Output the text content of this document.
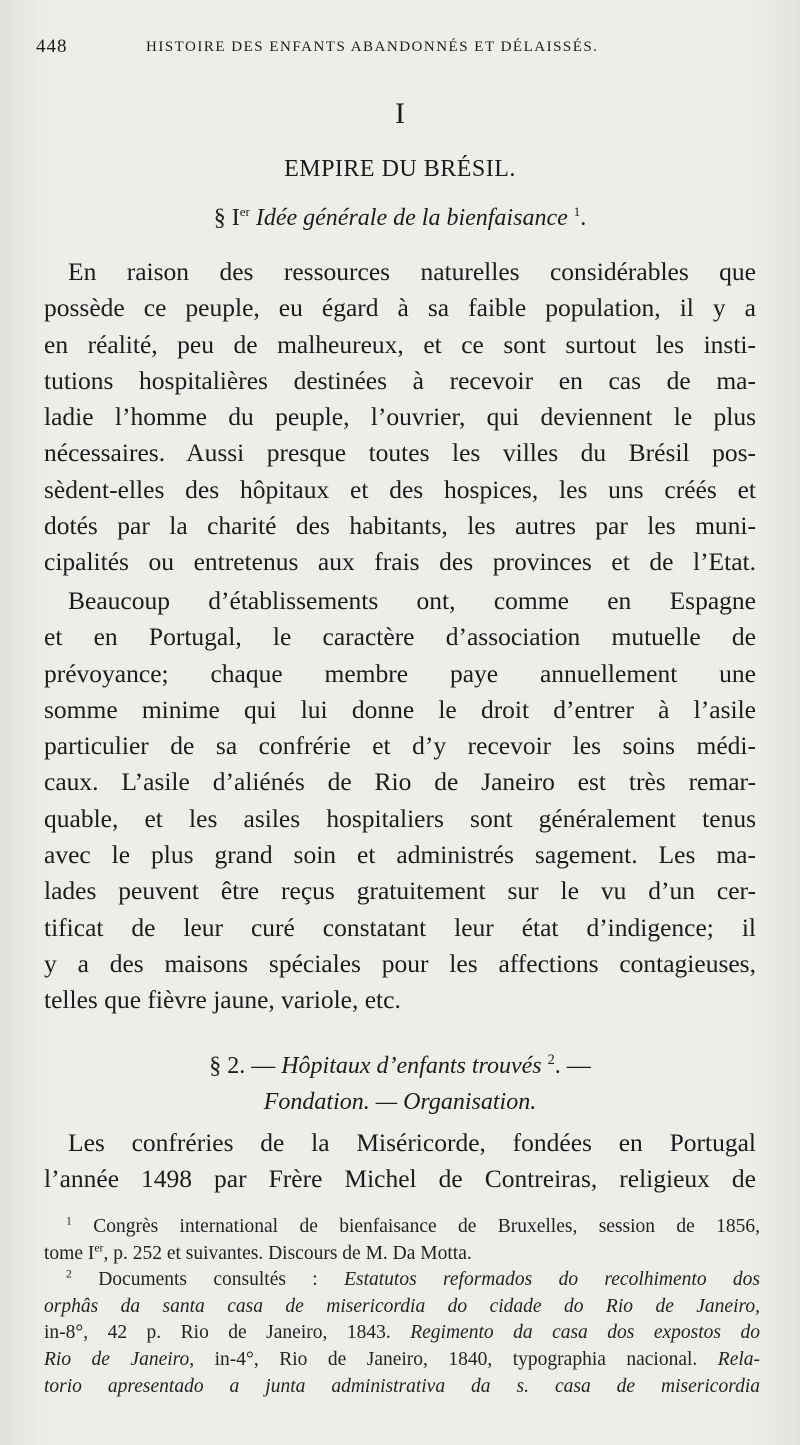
448	HISTOIRE DES ENFANTS ABANDONNÉS ET DÉLAISSÉS.
I
EMPIRE DU BRÉSIL.
§ Ier Idée générale de la bienfaisance $^1$.
En raison des ressources naturelles considérables que
possède ce peuple, eu égard à sa faible population, il y a
en réalité, peu de malheureux, et ce sont surtout les insti-
tutions hospitalières destinées à recevoir en cas de ma-
ladie l’homme du peuple, l’ouvrier, qui deviennent le plus
nécessaires. Aussi presque toutes les villes du Brésil pos-
sèdent-elles des hôpitaux et des hospices, les uns créés et
dotés par la charité des habitants, les autres par les muni-
cipalités ou entretenus aux frais des provinces et de l’Etat.
Beaucoup d’établissements ont, comme en Espagne
et en Portugal, le caractère d’association mutuelle de
prévoyance; chaque membre paye annuellement une
somme minime qui lui donne le droit d’entrer à l’asile
particulier de sa confrérie et d’y recevoir les soins médi-
caux. L’asile d’aliénés de Rio de Janeiro est très remar-
quable, et les asiles hospitaliers sont généralement tenus
avec le plus grand soin et administrés sagement. Les ma-
lades peuvent être reçus gratuitement sur le vu d’un cer-
tificat de leur curé constatant leur état d’indigence; il
y a des maisons spéciales pour les affections contagieuses,
telles que fièvre jaune, variole, etc.
§ 2. — Hôpitaux d’enfants trouvés $^2$. —
Fondation. — Organisation.
Les confréries de la Miséricorde, fondées en Portugal
l’année 1498 par Frère Michel de Contreiras, religieux de
$^1$ Congrès international de bienfaisance de Bruxelles, session de 1856,
tome Ier, p. 252 et suivantes. Discours de M. Da Motta.
$^2$ Documents consultés : Estatutos reformados do recolhimento dos
orphâs da santa casa de misericordia do cidade do Rio de Janeiro,
in-8°, 42 p. Rio de Janeiro, 1843. Regimento da casa dos expostos do
Rio de Janeiro, in-4°, Rio de Janeiro, 1840, typographia nacional. Rela-
torio apresentado a junta administrativa da s. casa de misericordia
